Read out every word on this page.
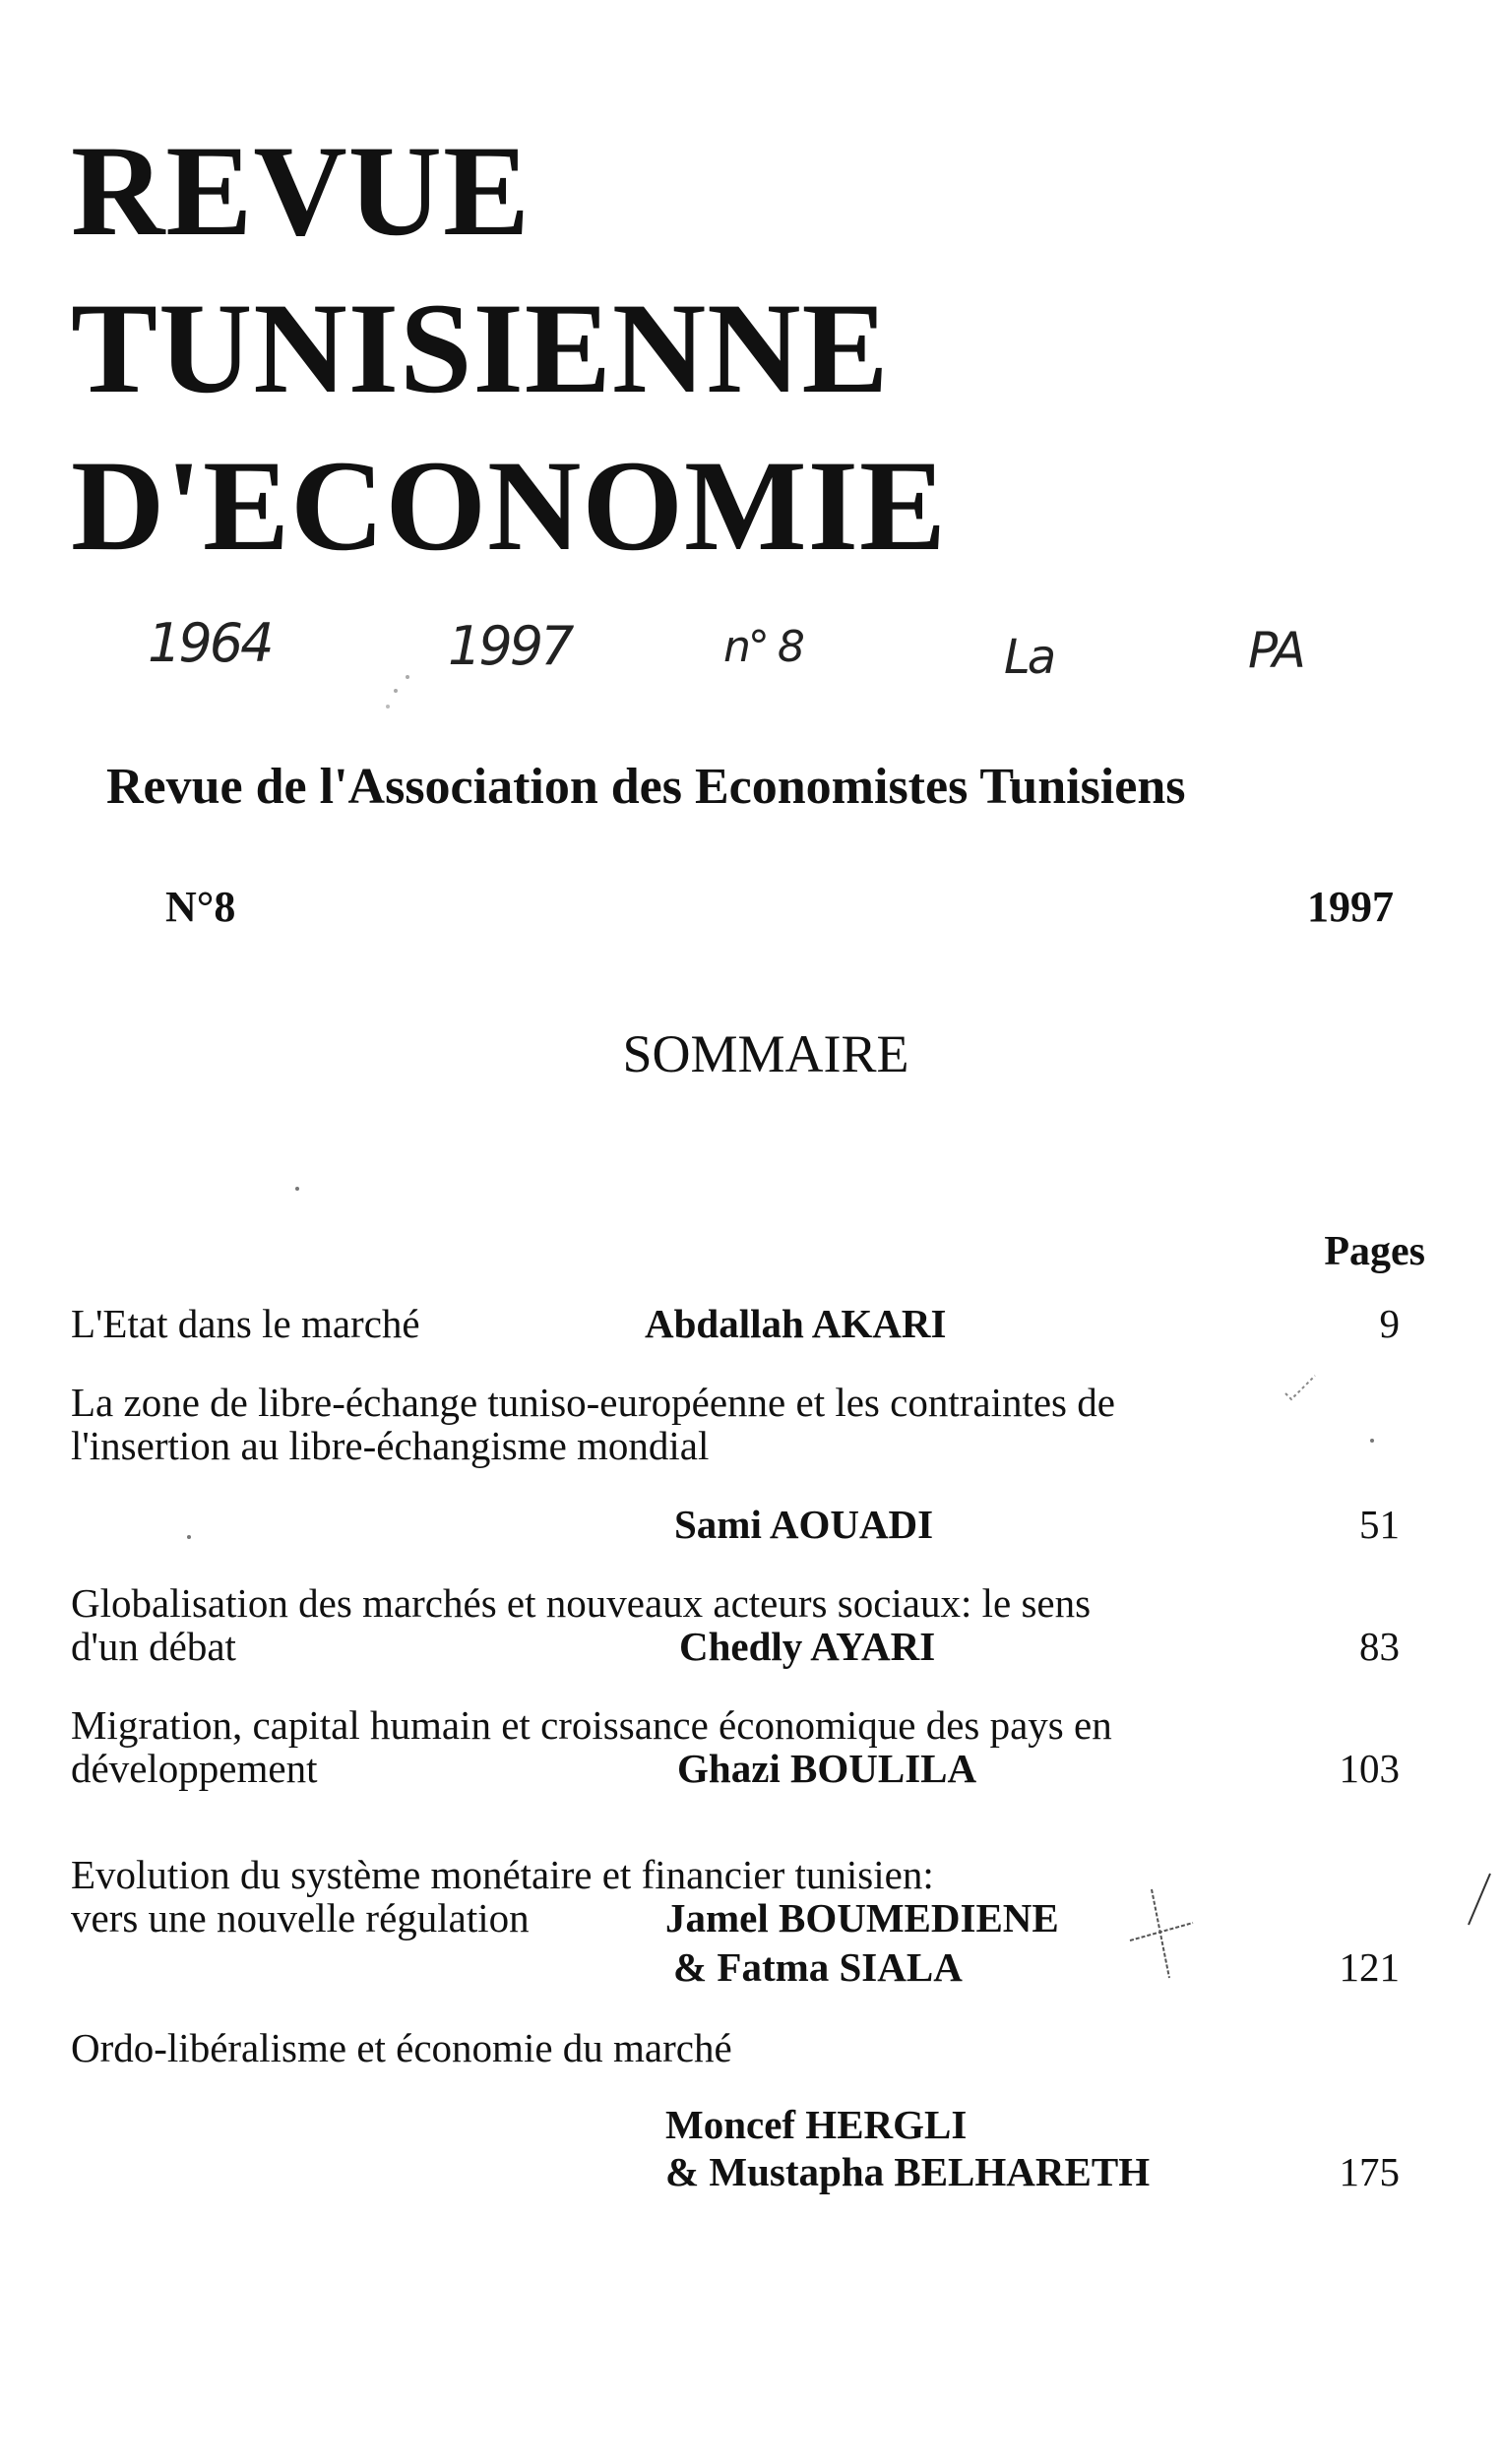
REVUE
TUNISIENNE
D'ECONOMIE
1964	1997	n° 8	La	PA
Revue de l'Association des Economistes Tunisiens
N°8	1997
SOMMAIRE
Pages
L'Etat dans le marché	Abdallah AKARI	9
La zone de libre-échange tuniso-européenne et les contraintes de
l'insertion au libre-échangisme mondial
Sami AOUADI	51
Globalisation des marchés et nouveaux acteurs sociaux: le sens
d'un débat	Chedly AYARI	83
Migration, capital humain et croissance économique des pays en
développement	Ghazi BOULILA	103
Evolution du système monétaire et financier tunisien:
vers une nouvelle régulation	Jamel BOUMEDIENE
& Fatma SIALA	121
Ordo-libéralisme et économie du marché
Moncef HERGLI
& Mustapha BELHARETH	175
